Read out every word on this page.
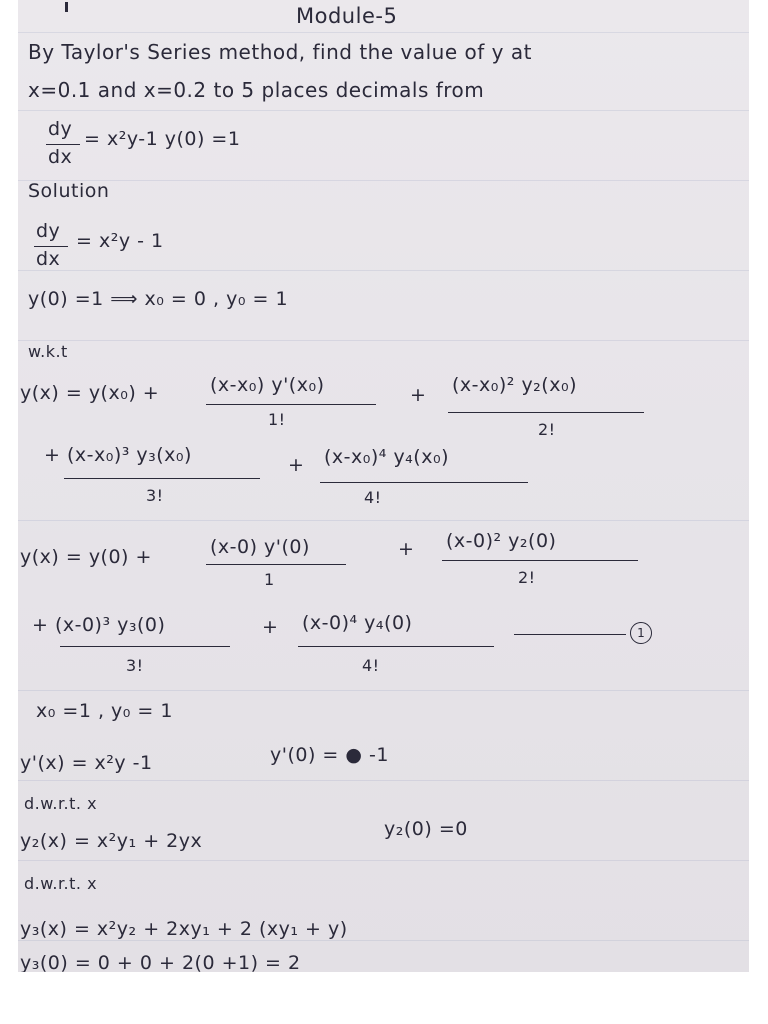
Module-5
By Taylor's Series method, find the value of y at
x=0.1 and x=0.2 to 5 places decimals from
dy
dx
= x²y-1 y(0) =1
Solution
dy
dx
= x²y - 1
y(0) =1 ⟹ x₀ = 0 , y₀ = 1
w.k.t
y(x) = y(x₀) +	(x-x₀) y'(x₀)
1!
+ (x-x₀)² y₂(x₀)
2!
+ (x-x₀)³ y₃(x₀)
3!
+ (x-x₀)⁴ y₄(x₀)
4!
y(x) = y(0) +	(x-0) y'(0)
1
+ (x-0)² y₂(0)
2!
+ (x-0)³ y₃(0)
3!
+ (x-0)⁴ y₄(0)
4!
1
x₀ =1 , y₀ = 1
y'(x) = x²y -1	y'(0) = ● -1
d.w.r.t. x
y₂(x) = x²y₁ + 2yx
y₂(0) =0
d.w.r.t. x
y₃(x) = x²y₂ + 2xy₁ + 2 (xy₁ + y)
y₃(0) = 0 + 0 + 2(0 +1) = 2
